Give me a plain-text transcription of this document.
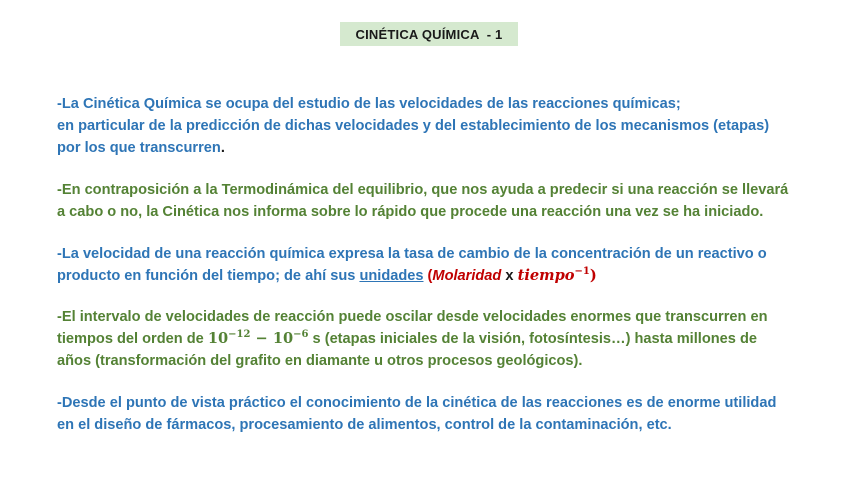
CINÉTICA QUÍMICA  - 1
-La Cinética Química se ocupa del estudio de las velocidades de las reacciones químicas;
en particular de la predicción de dichas velocidades y del establecimiento de los mecanismos (etapas)
por los que transcurren.
-En contraposición a la Termodinámica del equilibrio, que nos ayuda a predecir si una reacción se llevará
a cabo o no, la Cinética nos informa sobre lo rápido que procede una reacción una vez se ha iniciado.
-La velocidad de una reacción química expresa la tasa de cambio de la concentración de un reactivo o
producto en función del tiempo; de ahí sus unidades (Molaridad x tiempo$^{-1}$)
-El intervalo de velocidades de reacción puede oscilar desde velocidades enormes que transcurren en
tiempos del orden de $10^{-12} - 10^{-6}$ s (etapas iniciales de la visión, fotosíntesis…) hasta millones de
años (transformación del grafito en diamante u otros procesos geológicos).
-Desde el punto de vista práctico el conocimiento de la cinética de las reacciones es de enorme utilidad
en el diseño de fármacos, procesamiento de alimentos, control de la contaminación, etc.
